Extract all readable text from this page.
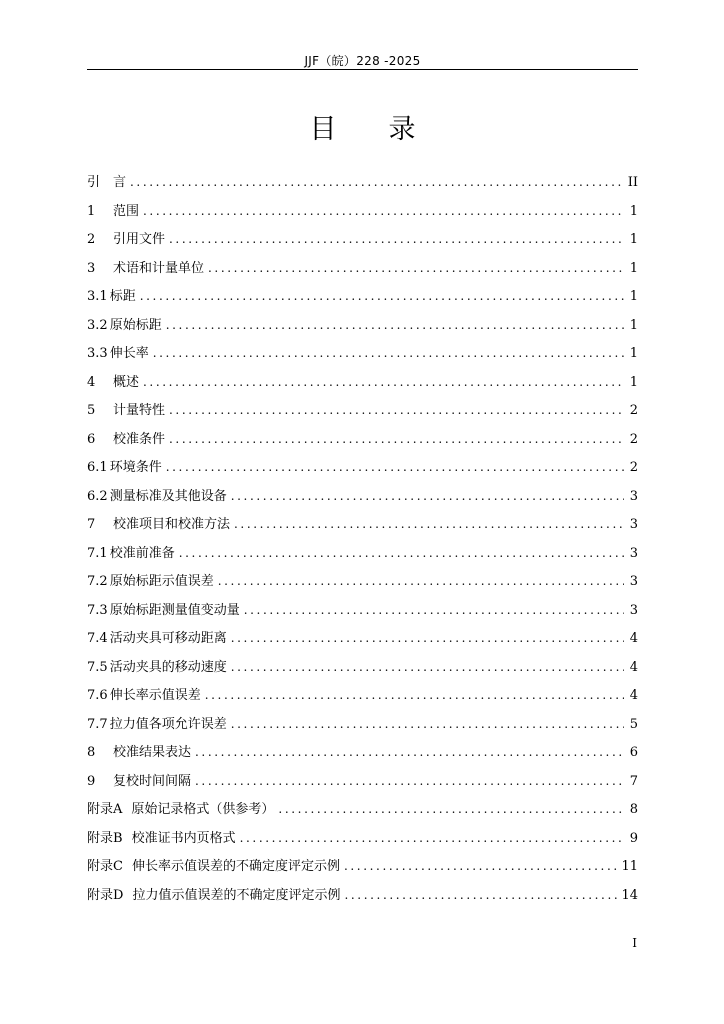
JJF（皖）228 -2025
目 录
引 言 .....	II
1	范围 .....	1
2	引用文件 .....	1
3	术语和计量单位 .....	1
3.1 标距 .....	1
3.2 原始标距 .....	1
3.3 伸长率 .....	1
4	概述 .....	1
5	计量特性 .....	2
6	校准条件 .....	2
6.1 环境条件 .....	2
6.2 测量标准及其他设备 .....	3
7	校准项目和校准方法 .....	3
7.1 校准前准备 .....	3
7.2 原始标距示值误差 .....	3
7.3 原始标距测量值变动量 .....	3
7.4 活动夹具可移动距离 .....	4
7.5 活动夹具的移动速度 .....	4
7.6 伸长率示值误差 .....	4
7.7 拉力值各项允许误差 .....	5
8	校准结果表达 .....	6
9	复校时间间隔 .....	7
附录A 原始记录格式（供参考） .....	8
附录B 校准证书内页格式 .....	9
附录C 伸长率示值误差的不确定度评定示例 .....	11
附录D 拉力值示值误差的不确定度评定示例 .....	14
I
